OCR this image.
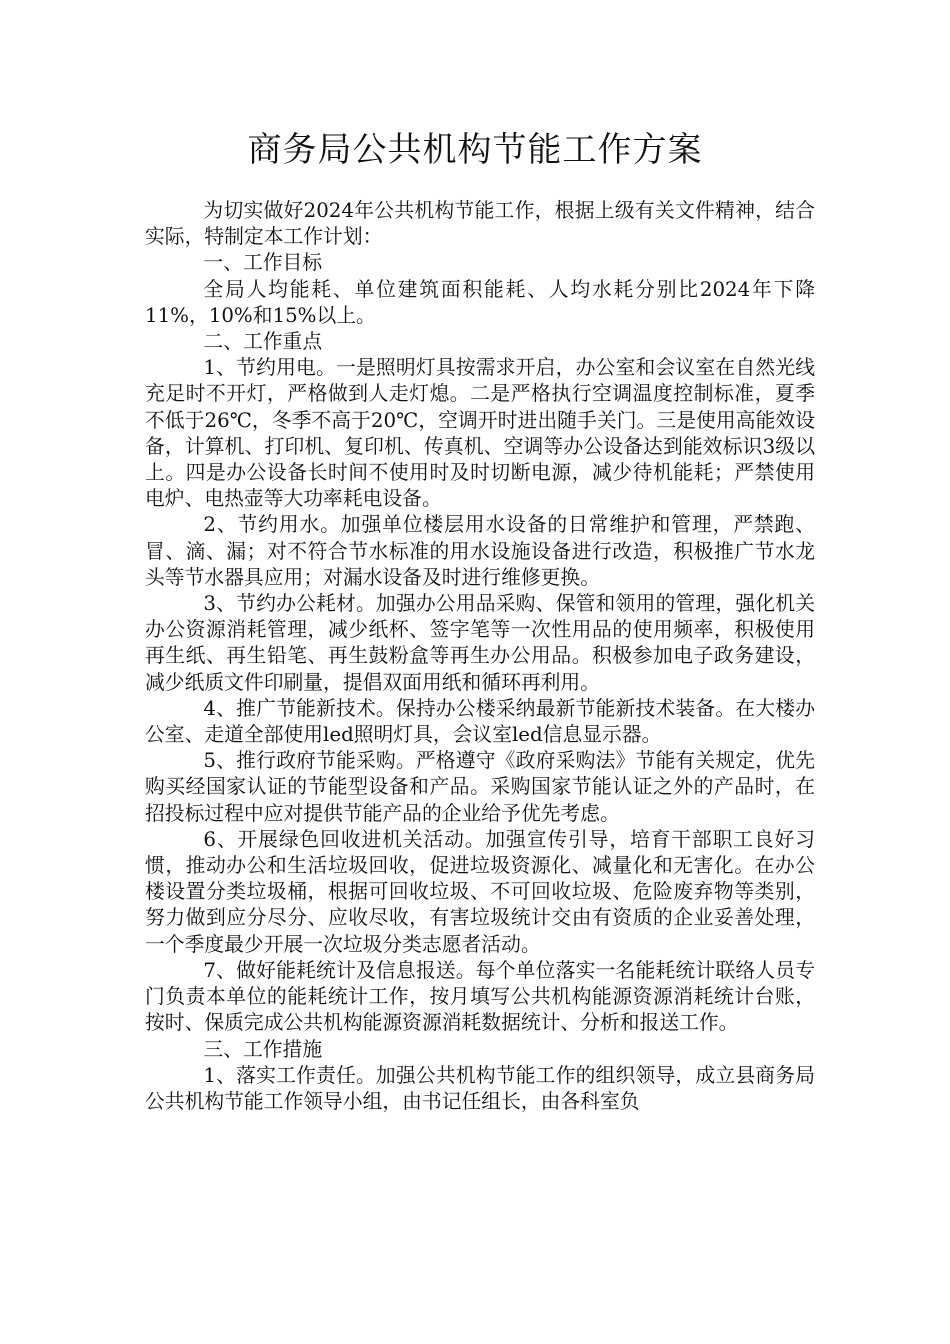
商务局公共机构节能工作方案

为切实做好2024年公共机构节能工作，根据上级有关文件精神，结合实际，特制定本工作计划：

一、工作目标

全局人均能耗、单位建筑面积能耗、人均水耗分别比2024年下降11%，10%和15%以上。

二、工作重点

1、节约用电。一是照明灯具按需求开启，办公室和会议室在自然光线充足时不开灯，严格做到人走灯熄。二是严格执行空调温度控制标准，夏季不低于26℃，冬季不高于20℃，空调开时进出随手关门。三是使用高能效设备，计算机、打印机、复印机、传真机、空调等办公设备达到能效标识3级以上。四是办公设备长时间不使用时及时切断电源，减少待机能耗；严禁使用电炉、电热壶等大功率耗电设备。

2、节约用水。加强单位楼层用水设备的日常维护和管理，严禁跑、冒、滴、漏；对不符合节水标准的用水设施设备进行改造，积极推广节水龙头等节水器具应用；对漏水设备及时进行维修更换。

3、节约办公耗材。加强办公用品采购、保管和领用的管理，强化机关办公资源消耗管理，减少纸杯、签字笔等一次性用品的使用频率，积极使用再生纸、再生铅笔、再生鼓粉盒等再生办公用品。积极参加电子政务建设，减少纸质文件印刷量，提倡双面用纸和循环再利用。

4、推广节能新技术。保持办公楼采纳最新节能新技术装备。在大楼办公室、走道全部使用led照明灯具，会议室led信息显示器。

5、推行政府节能采购。严格遵守《政府采购法》节能有关规定，优先购买经国家认证的节能型设备和产品。采购国家节能认证之外的产品时，在招投标过程中应对提供节能产品的企业给予优先考虑。

6、开展绿色回收进机关活动。加强宣传引导，培育干部职工良好习惯，推动办公和生活垃圾回收，促进垃圾资源化、减量化和无害化。在办公楼设置分类垃圾桶，根据可回收垃圾、不可回收垃圾、危险废弃物等类别，努力做到应分尽分、应收尽收，有害垃圾统计交由有资质的企业妥善处理，一个季度最少开展一次垃圾分类志愿者活动。

7、做好能耗统计及信息报送。每个单位落实一名能耗统计联络人员专门负责本单位的能耗统计工作，按月填写公共机构能源资源消耗统计台账，按时、保质完成公共机构能源资源消耗数据统计、分析和报送工作。

三、工作措施

1、落实工作责任。加强公共机构节能工作的组织领导，成立县商务局公共机构节能工作领导小组，由书记任组长，由各科室负
